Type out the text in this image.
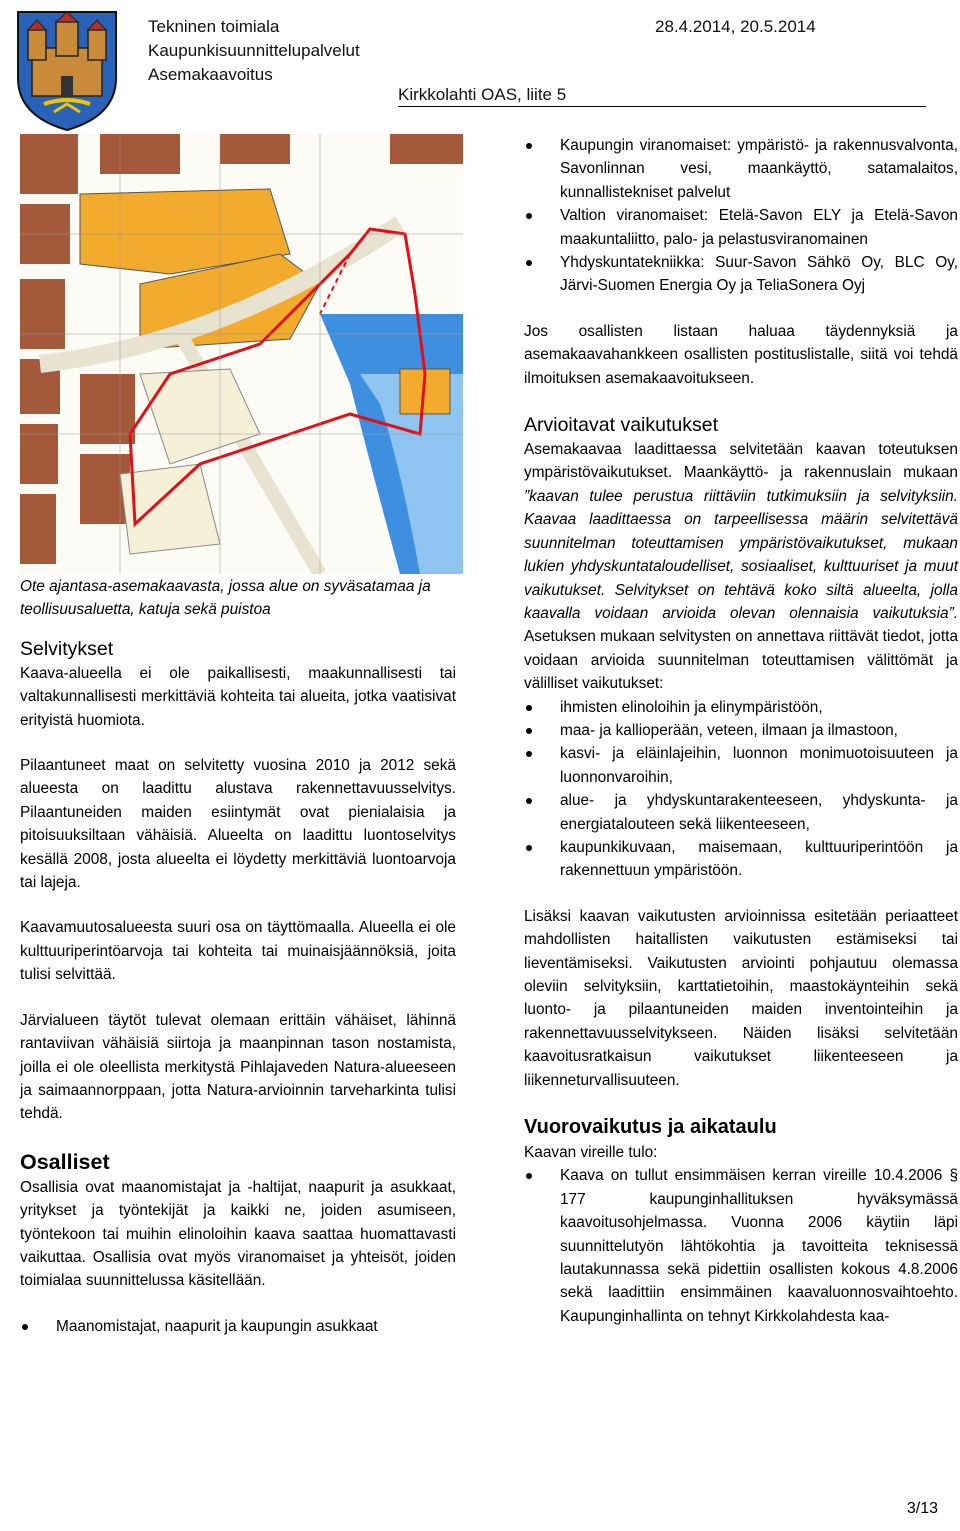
Tekninen toimiala
Kaupunkisuunnittelupalvelut
Asemakaavoitus
28.4.2014, 20.5.2014
Kirkkolahti OAS, liite 5

Ote ajantasa-asemakaavasta, jossa alue on syväsatamaa ja teollisuusaluetta, katuja sekä puistoa

Selvitykset

Kaava-alueella ei ole paikallisesti, maakunnallisesti tai valtakunnallisesti merkittäviä kohteita tai alueita, jotka vaatisivat erityistä huomiota.

Pilaantuneet maat on selvitetty vuosina 2010 ja 2012 sekä alueesta on laadittu alustava rakennettavuusselvitys. Pilaantuneiden maiden esiintymät ovat pienialaisia ja pitoisuuksiltaan vähäisiä. Alueelta on laadittu luontoselvitys kesällä 2008, josta alueelta ei löydetty merkittäviä luontoarvoja tai lajeja.

Kaavamuutosalueesta suuri osa on täyttömaalla. Alueella ei ole kulttuuriperintöarvoja tai kohteita tai muinaisjäännöksiä, joita tulisi selvittää.

Järvialueen täytöt tulevat olemaan erittäin vähäiset, lähinnä rantaviivan vähäisiä siirtoja ja maanpinnan tason nostamista, joilla ei ole oleellista merkitystä Pihlajaveden Natura-alueeseen ja saimaannorppaan, jotta Natura-arvioinnin tarveharkinta tulisi tehdä.

Osalliset

Osallisia ovat maanomistajat ja -haltijat, naapurit ja asukkaat, yritykset ja työntekijät ja kaikki ne, joiden asumiseen, työntekoon tai muihin elinoloihin kaava saattaa huomattavasti vaikuttaa. Osallisia ovat myös viranomaiset ja yhteisöt, joiden toimialaa suunnittelussa käsitellään.

Maanomistajat, naapurit ja kaupungin asukkaat
Kaupungin viranomaiset: ympäristö- ja rakennusvalvonta, Savonlinnan vesi, maankäyttö, satamalaitos, kunnallistekniset palvelut
Valtion viranomaiset: Etelä-Savon ELY ja Etelä-Savon maakuntaliitto, palo- ja pelastusviranomainen
Yhdyskuntatekniikka: Suur-Savon Sähkö Oy, BLC Oy, Järvi-Suomen Energia Oy ja TeliaSonera Oyj

Jos osallisten listaan haluaa täydennyksiä ja asemakaavahankkeen osallisten postituslistalle, siitä voi tehdä ilmoituksen asemakaavoitukseen.

Arvioitavat vaikutukset

Asemakaavaa laadittaessa selvitetään kaavan toteutuksen ympäristövaikutukset. Maankäyttö- ja rakennuslain mukaan ”kaavan tulee perustua riittäviin tutkimuksiin ja selvityksiin. Kaavaa laadittaessa on tarpeellisessa määrin selvitettävä suunnitelman toteuttamisen ympäristövaikutukset, mukaan lukien yhdyskuntataloudelliset, sosiaaliset, kulttuuriset ja muut vaikutukset. Selvitykset on tehtävä koko siltä alueelta, jolla kaavalla voidaan arvioida olevan olennaisia vaikutuksia”. Asetuksen mukaan selvitysten on annettava riittävät tiedot, jotta voidaan arvioida suunnitelman toteuttamisen välittömät ja välilliset vaikutukset:

ihmisten elinoloihin ja elinympäristöön,
maa- ja kallioperään, veteen, ilmaan ja ilmastoon,
kasvi- ja eläinlajeihin, luonnon monimuotoisuuteen ja luonnonvaroihin,
alue- ja yhdyskuntarakenteeseen, yhdyskunta- ja energiatalouteen sekä liikenteeseen,
kaupunkikuvaan, maisemaan, kulttuuriperintöön ja rakennettuun ympäristöön.

Lisäksi kaavan vaikutusten arvioinnissa esitetään periaatteet mahdollisten haitallisten vaikutusten estämiseksi tai lieventämiseksi. Vaikutusten arviointi pohjautuu olemassa oleviin selvityksiin, karttatietoihin, maastokäynteihin sekä luonto- ja pilaantuneiden maiden inventointeihin ja rakennettavuusselvitykseen. Näiden lisäksi selvitetään kaavoitusratkaisun vaikutukset liikenteeseen ja liikenneturvallisuuteen.

Vuorovaikutus ja aikataulu

Kaavan vireille tulo:

Kaava on tullut ensimmäisen kerran vireille 10.4.2006 § 177 kaupunginhallituksen hyväksymässä kaavoitusohjelmassa. Vuonna 2006 käytiin läpi suunnittelutyön lähtökohtia ja tavoitteita teknisessä lautakunnassa sekä pidettiin osallisten kokous 4.8.2006 sekä laadittiin ensimmäinen kaavaluonnosvaihtoehto. Kaupunginhallinta on tehnyt Kirkkolahdesta kaa-
3/13
